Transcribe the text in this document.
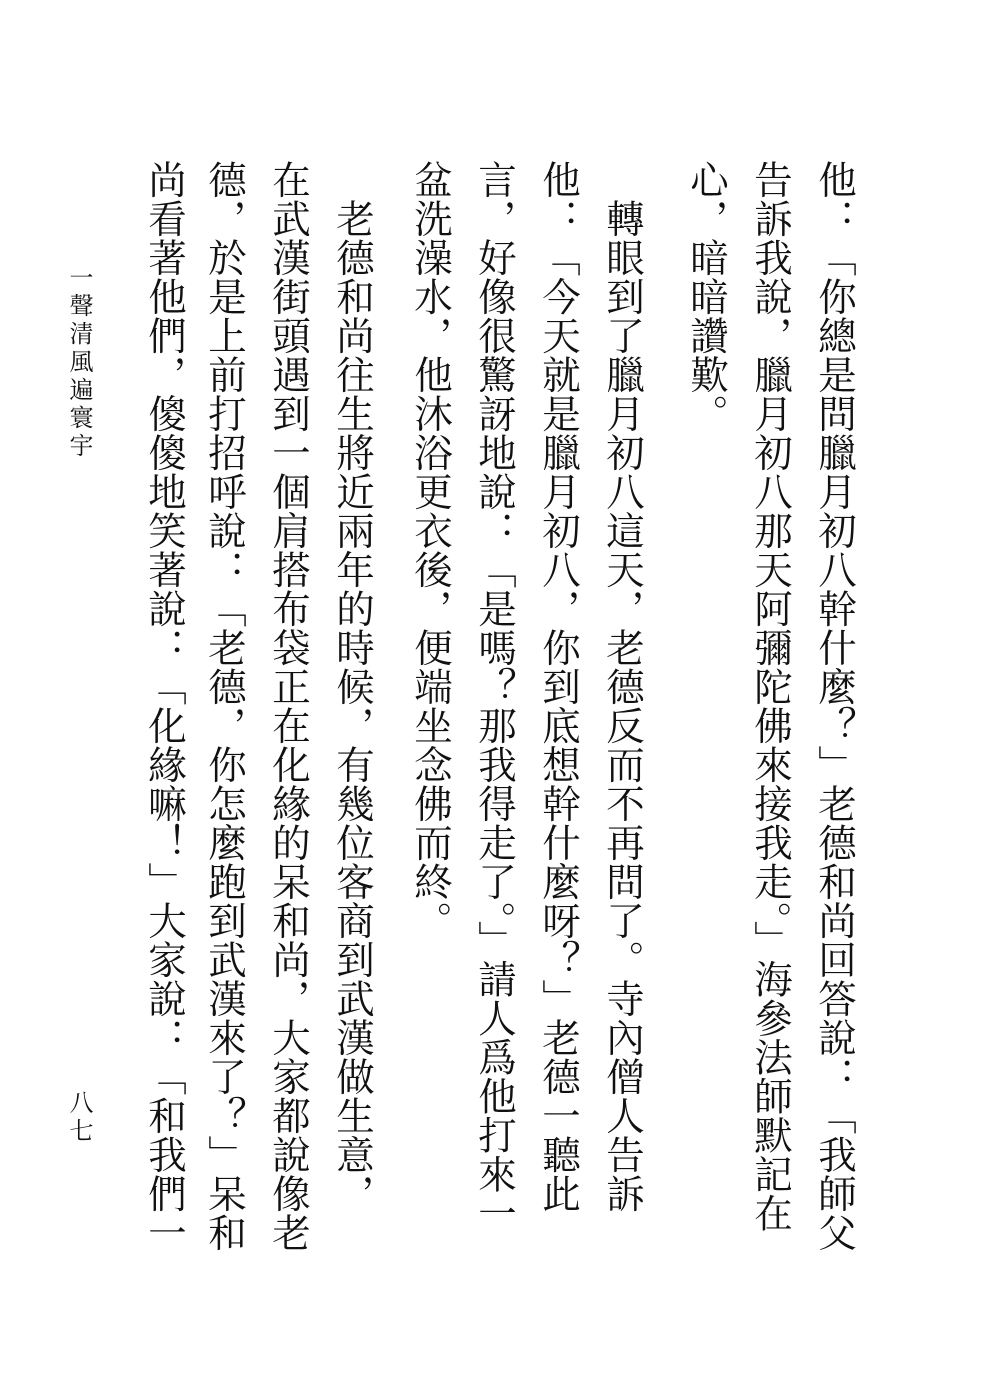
他：「你總是問臘月初八幹什麼？」老德和尚回答說：「我師父
告訴我說，臘月初八那天阿彌陀佛來接我走。」海參法師默記在
心，暗暗讚歎。
　轉眼到了臘月初八這天，老德反而不再問了。寺內僧人告訴
他：「今天就是臘月初八，你到底想幹什麼呀？」老德一聽此
言，好像很驚訝地說：「是嗎？那我得走了。」請人爲他打來一
盆洗澡水，他沐浴更衣後，便端坐念佛而終。
　老德和尚往生將近兩年的時候，有幾位客商到武漢做生意，
在武漢街頭遇到一個肩搭布袋正在化緣的呆和尚，大家都說像老
德，於是上前打招呼說：「老德，你怎麼跑到武漢來了？」呆和
尚看著他們，傻傻地笑著說：「化緣嘛！」大家說：「和我們一
一聲清風遍寰宇
八七
